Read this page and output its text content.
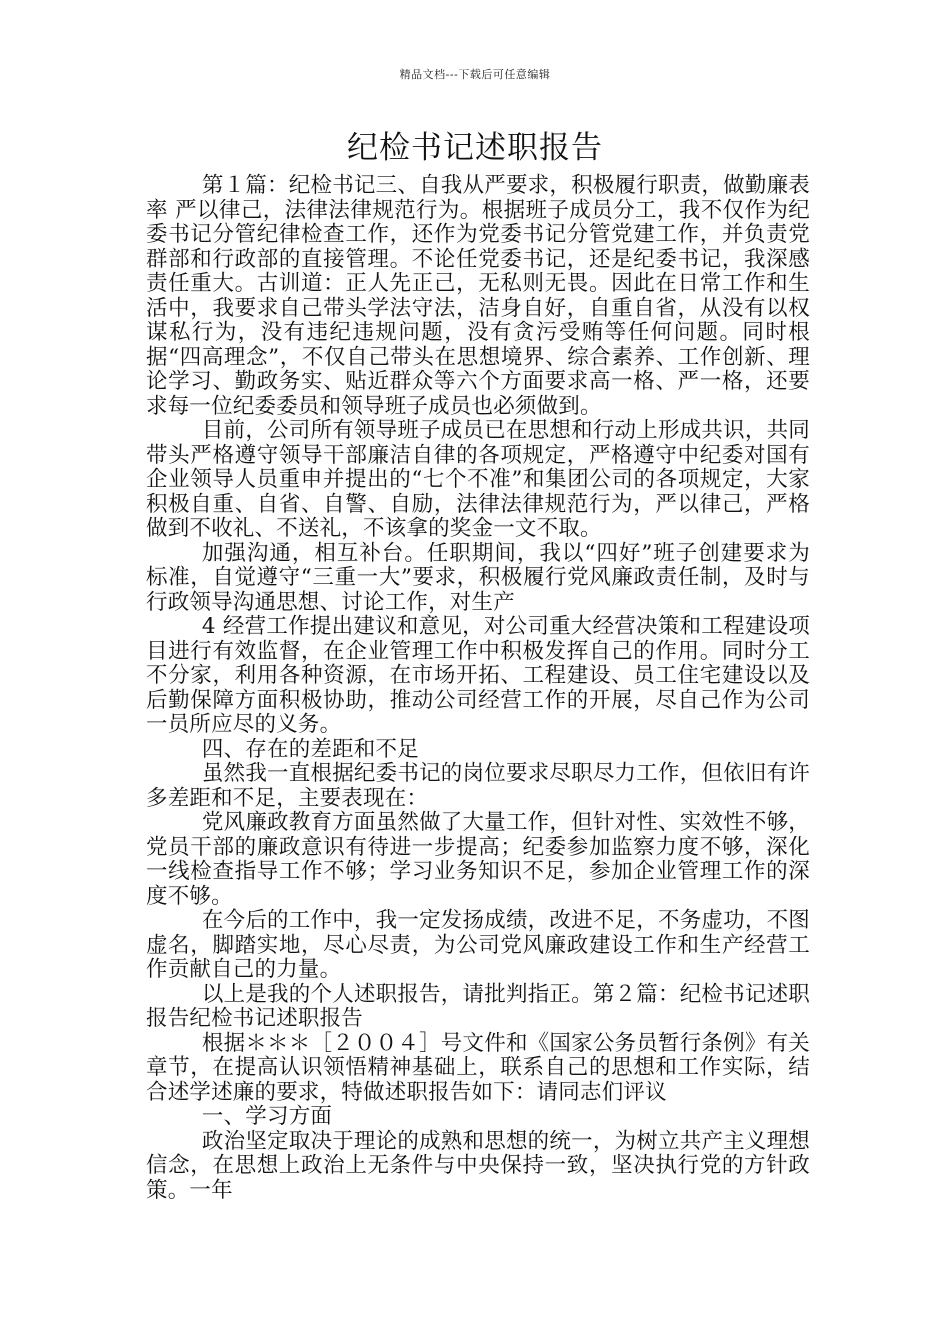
精品文档---下载后可任意编辑
纪检书记述职报告

第１篇：纪检书记三、自我从严要求，积极履行职责，做勤廉表率 严以律己，法律法律规范行为。根据班子成员分工，我不仅作为纪委书记分管纪律检查工作，还作为党委书记分管党建工作，并负责党群部和行政部的直接管理。不论任党委书记，还是纪委书记，我深感责任重大。古训道：正人先正己，无私则无畏。因此在日常工作和生活中，我要求自己带头学法守法，洁身自好，自重自省，从没有以权谋私行为，没有违纪违规问题，没有贪污受贿等任何问题。同时根据“四高理念”，不仅自己带头在思想境界、综合素养、工作创新、理论学习、勤政务实、贴近群众等六个方面要求高一格、严一格，还要求每一位纪委委员和领导班子成员也必须做到。

目前，公司所有领导班子成员已在思想和行动上形成共识，共同带头严格遵守领导干部廉洁自律的各项规定，严格遵守中纪委对国有企业领导人员重申并提出的“七个不准”和集团公司的各项规定，大家积极自重、自省、自警、自励，法律法律规范行为，严以律己，严格做到不收礼、不送礼，不该拿的奖金一文不取。

加强沟通，相互补台。任职期间，我以“四好”班子创建要求为标准，自觉遵守“三重一大”要求，积极履行党风廉政责任制，及时与行政领导沟通思想、讨论工作，对生产

4 经营工作提出建议和意见，对公司重大经营决策和工程建设项目进行有效监督，在企业管理工作中积极发挥自己的作用。同时分工不分家，利用各种资源，在市场开拓、工程建设、员工住宅建设以及后勤保障方面积极协助，推动公司经营工作的开展，尽自己作为公司一员所应尽的义务。

四、存在的差距和不足

虽然我一直根据纪委书记的岗位要求尽职尽力工作，但依旧有许多差距和不足，主要表现在：

党风廉政教育方面虽然做了大量工作，但针对性、实效性不够，党员干部的廉政意识有待进一步提高；纪委参加监察力度不够，深化一线检查指导工作不够；学习业务知识不足，参加企业管理工作的深度不够。

在今后的工作中，我一定发扬成绩，改进不足，不务虚功，不图虚名，脚踏实地，尽心尽责，为公司党风廉政建设工作和生产经营工作贡献自己的力量。

以上是我的个人述职报告，请批判指正。第２篇：纪检书记述职报告纪检书记述职报告

根据＊＊＊［２００４］号文件和《国家公务员暂行条例》有关章节，在提高认识领悟精神基础上，联系自己的思想和工作实际，结合述学述廉的要求，特做述职报告如下：请同志们评议

一、学习方面

政治坚定取决于理论的成熟和思想的统一，为树立共产主义理想信念，在思想上政治上无条件与中央保持一致，坚决执行党的方针政策。一年
